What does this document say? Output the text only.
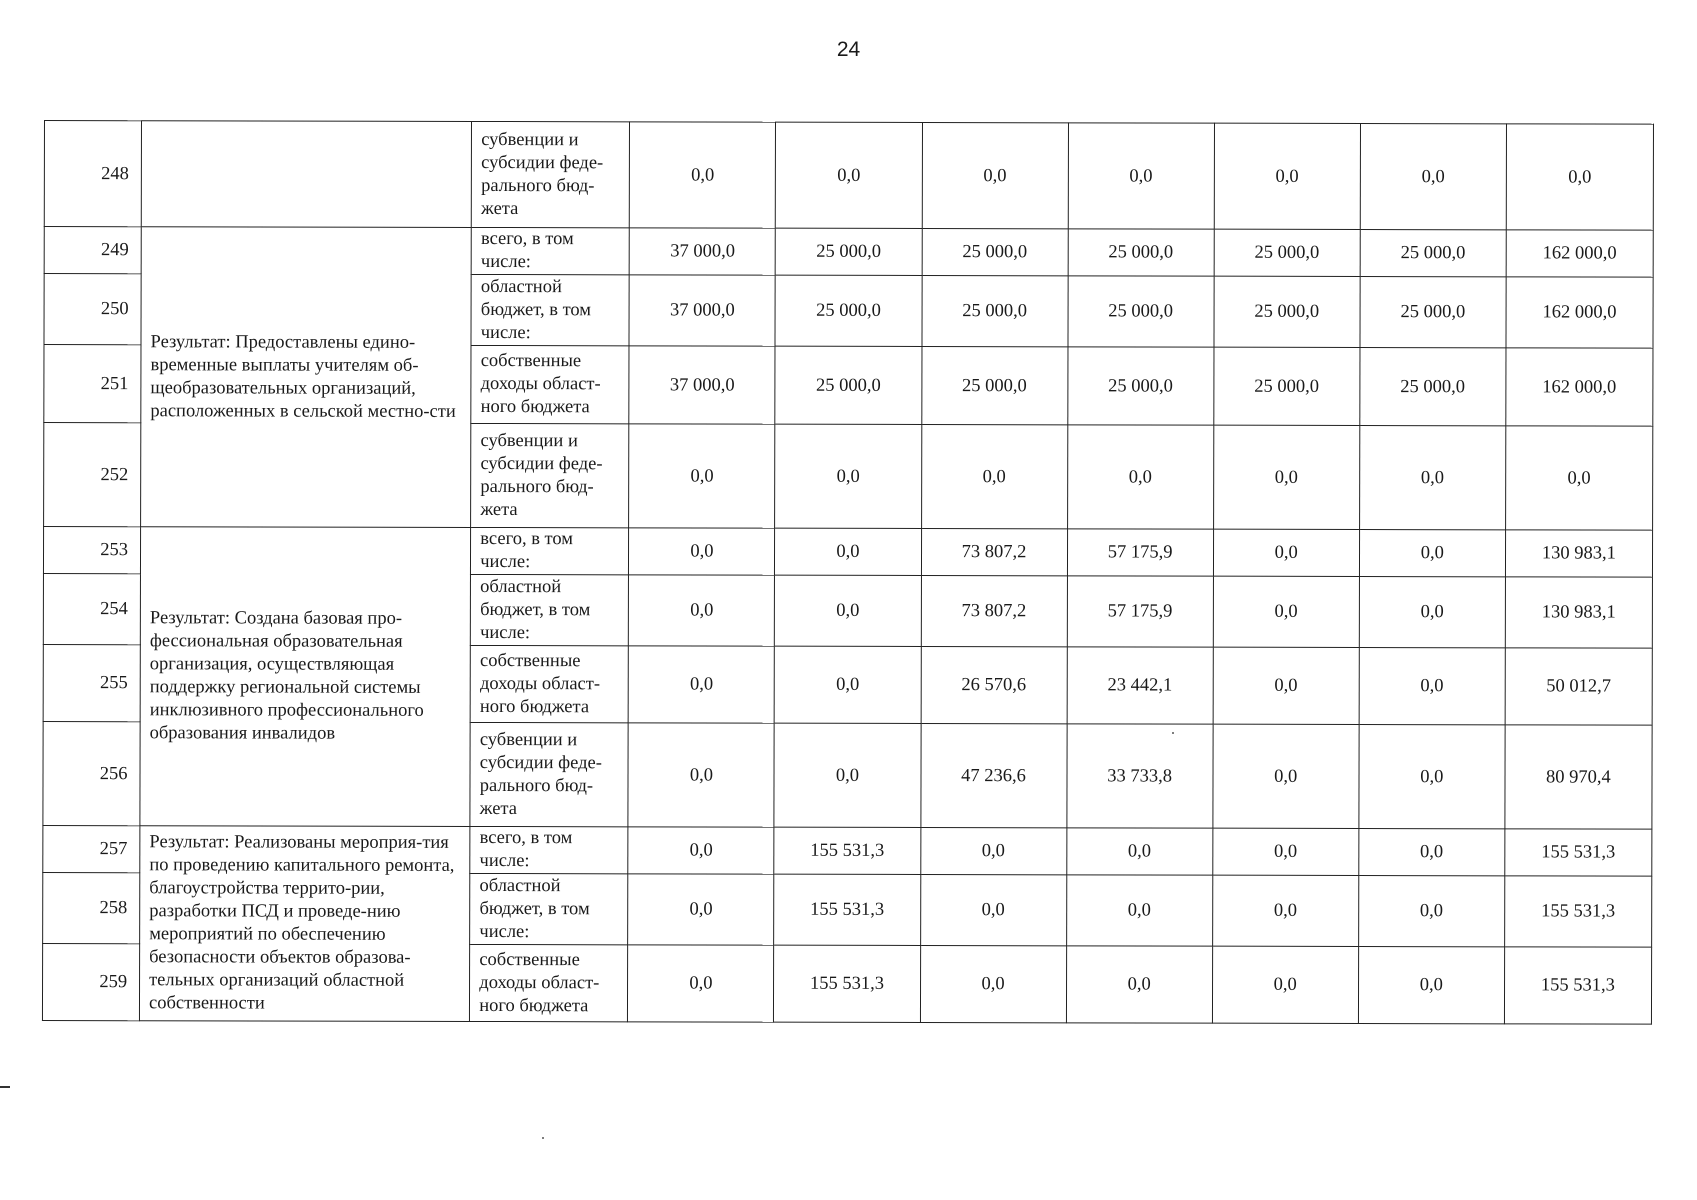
24
248		субвенции и субсидии феде-рального бюд-жета	0,0	0,0	0,0	0,0	0,0	0,0	0,0
249	Результат: Предоставлены едино-временные выплаты учителям об-щеобразовательных организаций, расположенных в сельской местно-сти	всего, в том числе:	37 000,0	25 000,0	25 000,0	25 000,0	25 000,0	25 000,0	162 000,0
250		областной бюджет, в том числе:	37 000,0	25 000,0	25 000,0	25 000,0	25 000,0	25 000,0	162 000,0
251		собственные доходы област-ного бюджета	37 000,0	25 000,0	25 000,0	25 000,0	25 000,0	25 000,0	162 000,0
252		субвенции и субсидии феде-рального бюд-жета	0,0	0,0	0,0	0,0	0,0	0,0	0,0
253	Результат: Создана базовая про-фессиональная образовательная организация, осуществляющая поддержку региональной системы инклюзивного профессионального образования инвалидов	всего, в том числе:	0,0	0,0	73 807,2	57 175,9	0,0	0,0	130 983,1
254		областной бюджет, в том числе:	0,0	0,0	73 807,2	57 175,9	0,0	0,0	130 983,1
255		собственные доходы област-ного бюджета	0,0	0,0	26 570,6	23 442,1	0,0	0,0	50 012,7
256		субвенции и субсидии феде-рального бюд-жета	0,0	0,0	47 236,6	33 733,8	0,0	0,0	80 970,4
257	Результат: Реализованы мероприя-тия по проведению капитального ремонта, благоустройства террито-рии, разработки ПСД и проведе-нию мероприятий по обеспечению безопасности объектов образова-тельных организаций областной собственности	всего, в том числе:	0,0	155 531,3	0,0	0,0	0,0	0,0	155 531,3
258		областной бюджет, в том числе:	0,0	155 531,3	0,0	0,0	0,0	0,0	155 531,3
259		собственные доходы област-ного бюджета	0,0	155 531,3	0,0	0,0	0,0	0,0	155 531,3
